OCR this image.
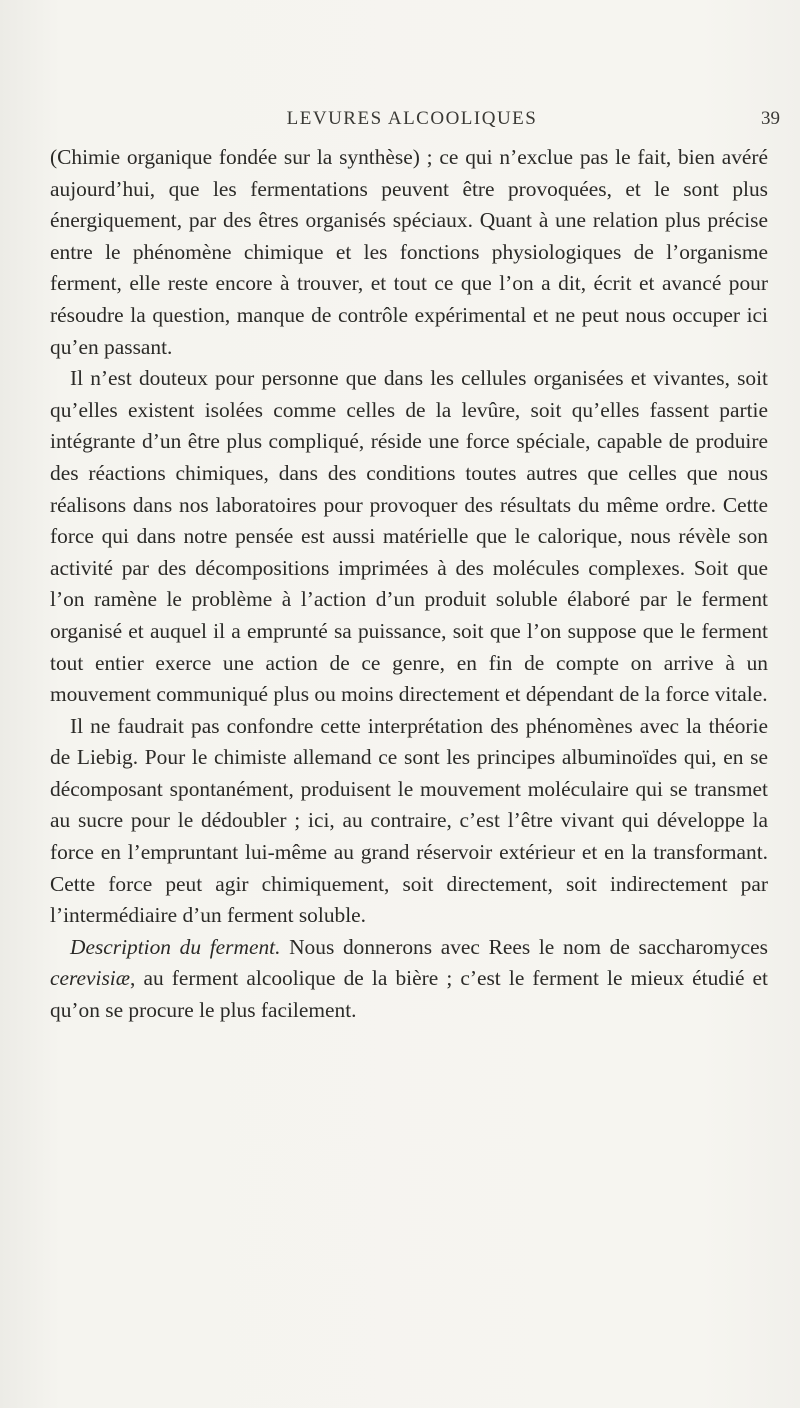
LEVURES ALCOOLIQUES	39

(Chimie organique fondée sur la synthèse) ; ce qui n’exclue pas le fait, bien avéré aujourd’hui, que les fermentations peuvent être provoquées, et le sont plus énergiquement, par des êtres organisés spéciaux. Quant à une relation plus précise entre le phénomène chimique et les fonctions physiologiques de l’organisme ferment, elle reste encore à trouver, et tout ce que l’on a dit, écrit et avancé pour résoudre la question, manque de contrôle expérimental et ne peut nous occuper ici qu’en passant.

Il n’est douteux pour personne que dans les cellules organisées et vivantes, soit qu’elles existent isolées comme celles de la levûre, soit qu’elles fassent partie intégrante d’un être plus compliqué, réside une force spéciale, capable de produire des réactions chimiques, dans des conditions toutes autres que celles que nous réalisons dans nos laboratoires pour provoquer des résultats du même ordre. Cette force qui dans notre pensée est aussi matérielle que le calorique, nous révèle son activité par des décompositions imprimées à des molécules complexes. Soit que l’on ramène le problème à l’action d’un produit soluble élaboré par le ferment organisé et auquel il a emprunté sa puissance, soit que l’on suppose que le ferment tout entier exerce une action de ce genre, en fin de compte on arrive à un mouvement communiqué plus ou moins directement et dépendant de la force vitale.

Il ne faudrait pas confondre cette interprétation des phénomènes avec la théorie de Liebig. Pour le chimiste allemand ce sont les principes albuminoïdes qui, en se décomposant spontanément, produisent le mouvement moléculaire qui se transmet au sucre pour le dédoubler ; ici, au contraire, c’est l’être vivant qui développe la force en l’empruntant lui-même au grand réservoir extérieur et en la transformant. Cette force peut agir chimiquement, soit directement, soit indirectement par l’intermédiaire d’un ferment soluble.

Description du ferment. Nous donnerons avec Rees le nom de saccharomyces cerevisiæ, au ferment alcoolique de la bière ; c’est le ferment le mieux étudié et qu’on se procure le plus facilement.
